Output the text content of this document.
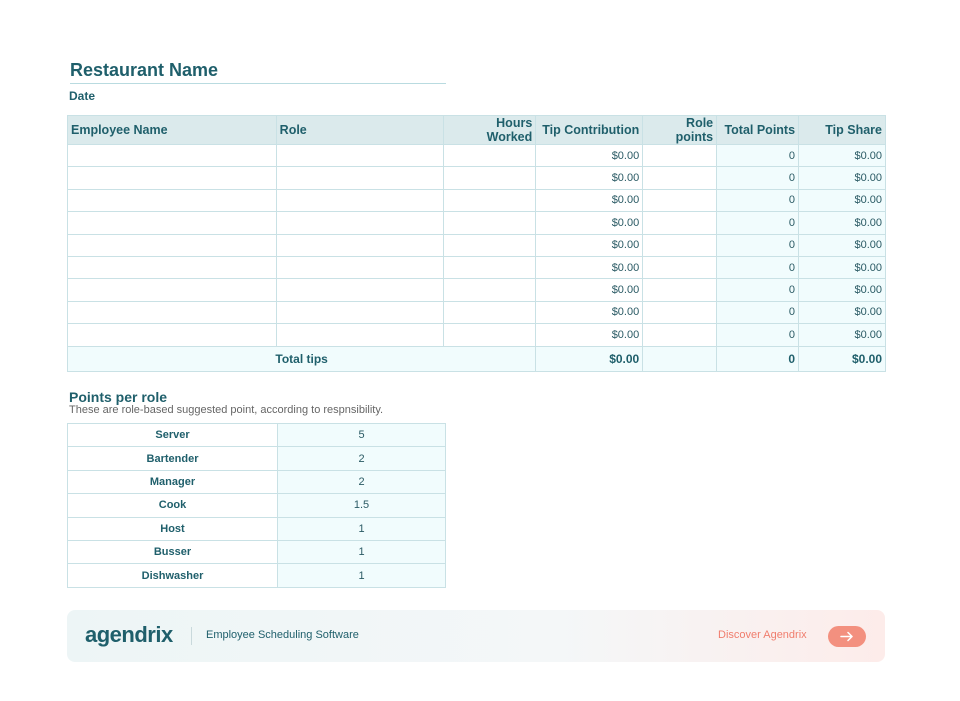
Restaurant Name
Date
Employee Name	Role	Hours Worked	Tip Contribution	Role points	Total Points	Tip Share
			$0.00		0	$0.00
			$0.00		0	$0.00
			$0.00		0	$0.00
			$0.00		0	$0.00
			$0.00		0	$0.00
			$0.00		0	$0.00
			$0.00		0	$0.00
			$0.00		0	$0.00
			$0.00		0	$0.00
Total tips			$0.00		0	$0.00
Points per role
These are role-based suggested point, according to respnsibility.
Server	5
Bartender	2
Manager	2
Cook	1.5
Host	1
Busser	1
Dishwasher	1
agendrix	Employee Scheduling Software	Discover Agendrix
